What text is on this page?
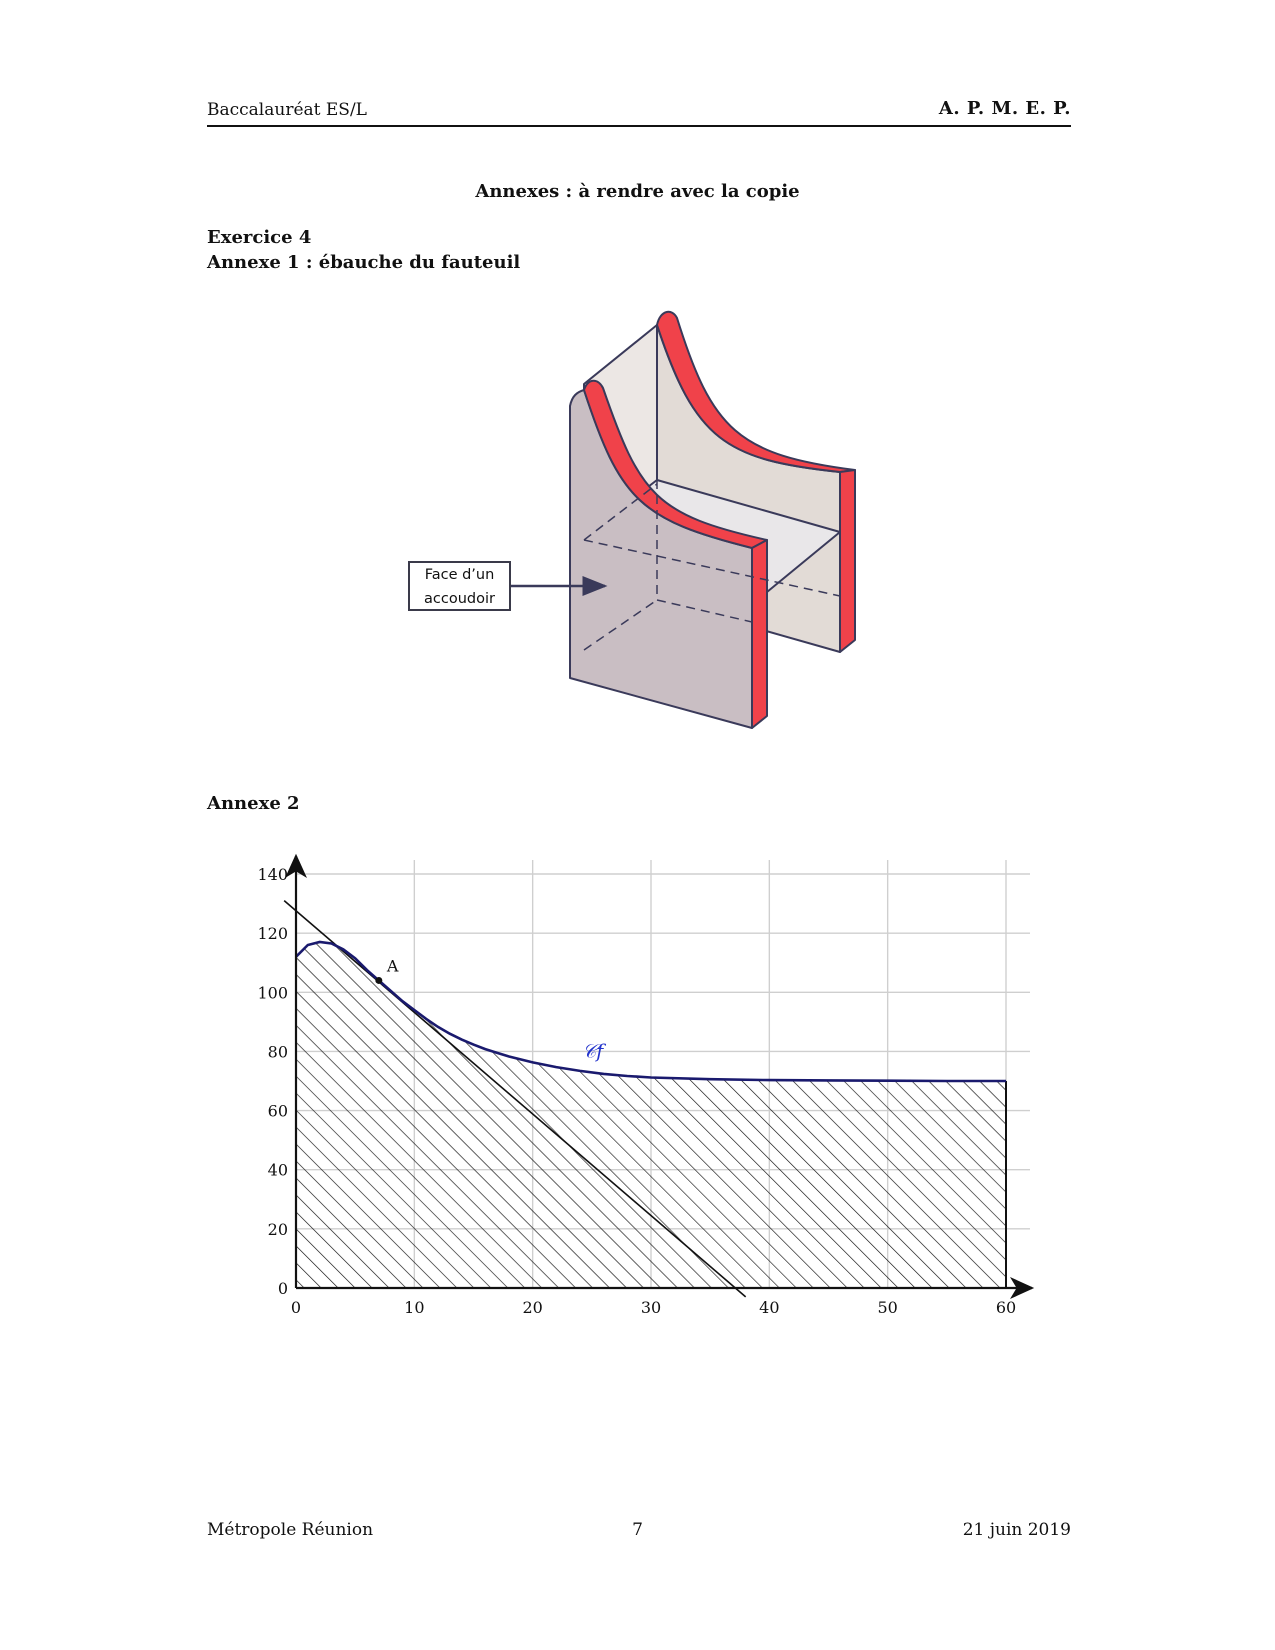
Baccalauréat ES/L	A. P. M. E. P.
Annexes : à rendre avec la copie
Exercice 4
Annexe 1 : ébauche du fauteuil
Face d’un
accoudoir
Annexe 2
0	10	20	30	40	50	60
0
20
40
60
80
100
120
140
A
𝒞f
Métropole Réunion	7	21 juin 2019
